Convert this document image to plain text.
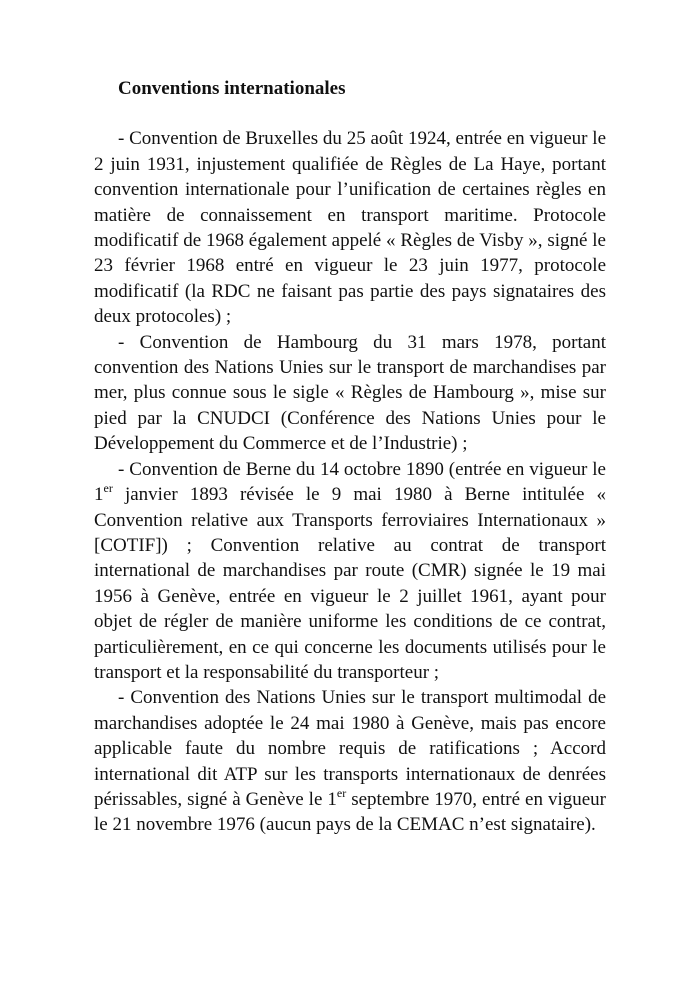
Conventions internationales

- Convention de Bruxelles du 25 août 1924, entrée en vigueur le 2 juin 1931, injustement qualifiée de Règles de La Haye, portant convention internationale pour l’unification de certaines règles en matière de connaissement en transport maritime. Protocole modificatif de 1968 également appelé « Règles de Visby », signé le 23 février 1968 entré en vigueur le 23 juin 1977, protocole modificatif (la RDC ne faisant pas partie des pays signataires des deux protocoles) ;

- Convention de Hambourg du 31 mars 1978, portant convention des Nations Unies sur le transport de marchandises par mer, plus connue sous le sigle « Règles de Hambourg », mise sur pied par la CNUDCI (Conférence des Nations Unies pour le Développement du Commerce et de l’Industrie) ;

- Convention de Berne du 14 octobre 1890 (entrée en vigueur le 1er janvier 1893 révisée le 9 mai 1980 à Berne intitulée « Convention relative aux Transports ferroviaires Internationaux » [COTIF]) ; Convention relative au contrat de transport international de marchandises par route (CMR) signée le 19 mai 1956 à Genève, entrée en vigueur le 2 juillet 1961, ayant pour objet de régler de manière uniforme les conditions de ce contrat, particulièrement, en ce qui concerne les documents utilisés pour le transport et la responsabilité du transporteur ;

- Convention des Nations Unies sur le transport multimodal de marchandises adoptée le 24 mai 1980 à Genève, mais pas encore applicable faute du nombre requis de ratifications ; Accord international dit ATP sur les transports internationaux de denrées périssables, signé à Genève le 1er septembre 1970, entré en vigueur le 21 novembre 1976 (aucun pays de la CEMAC n’est signataire).
